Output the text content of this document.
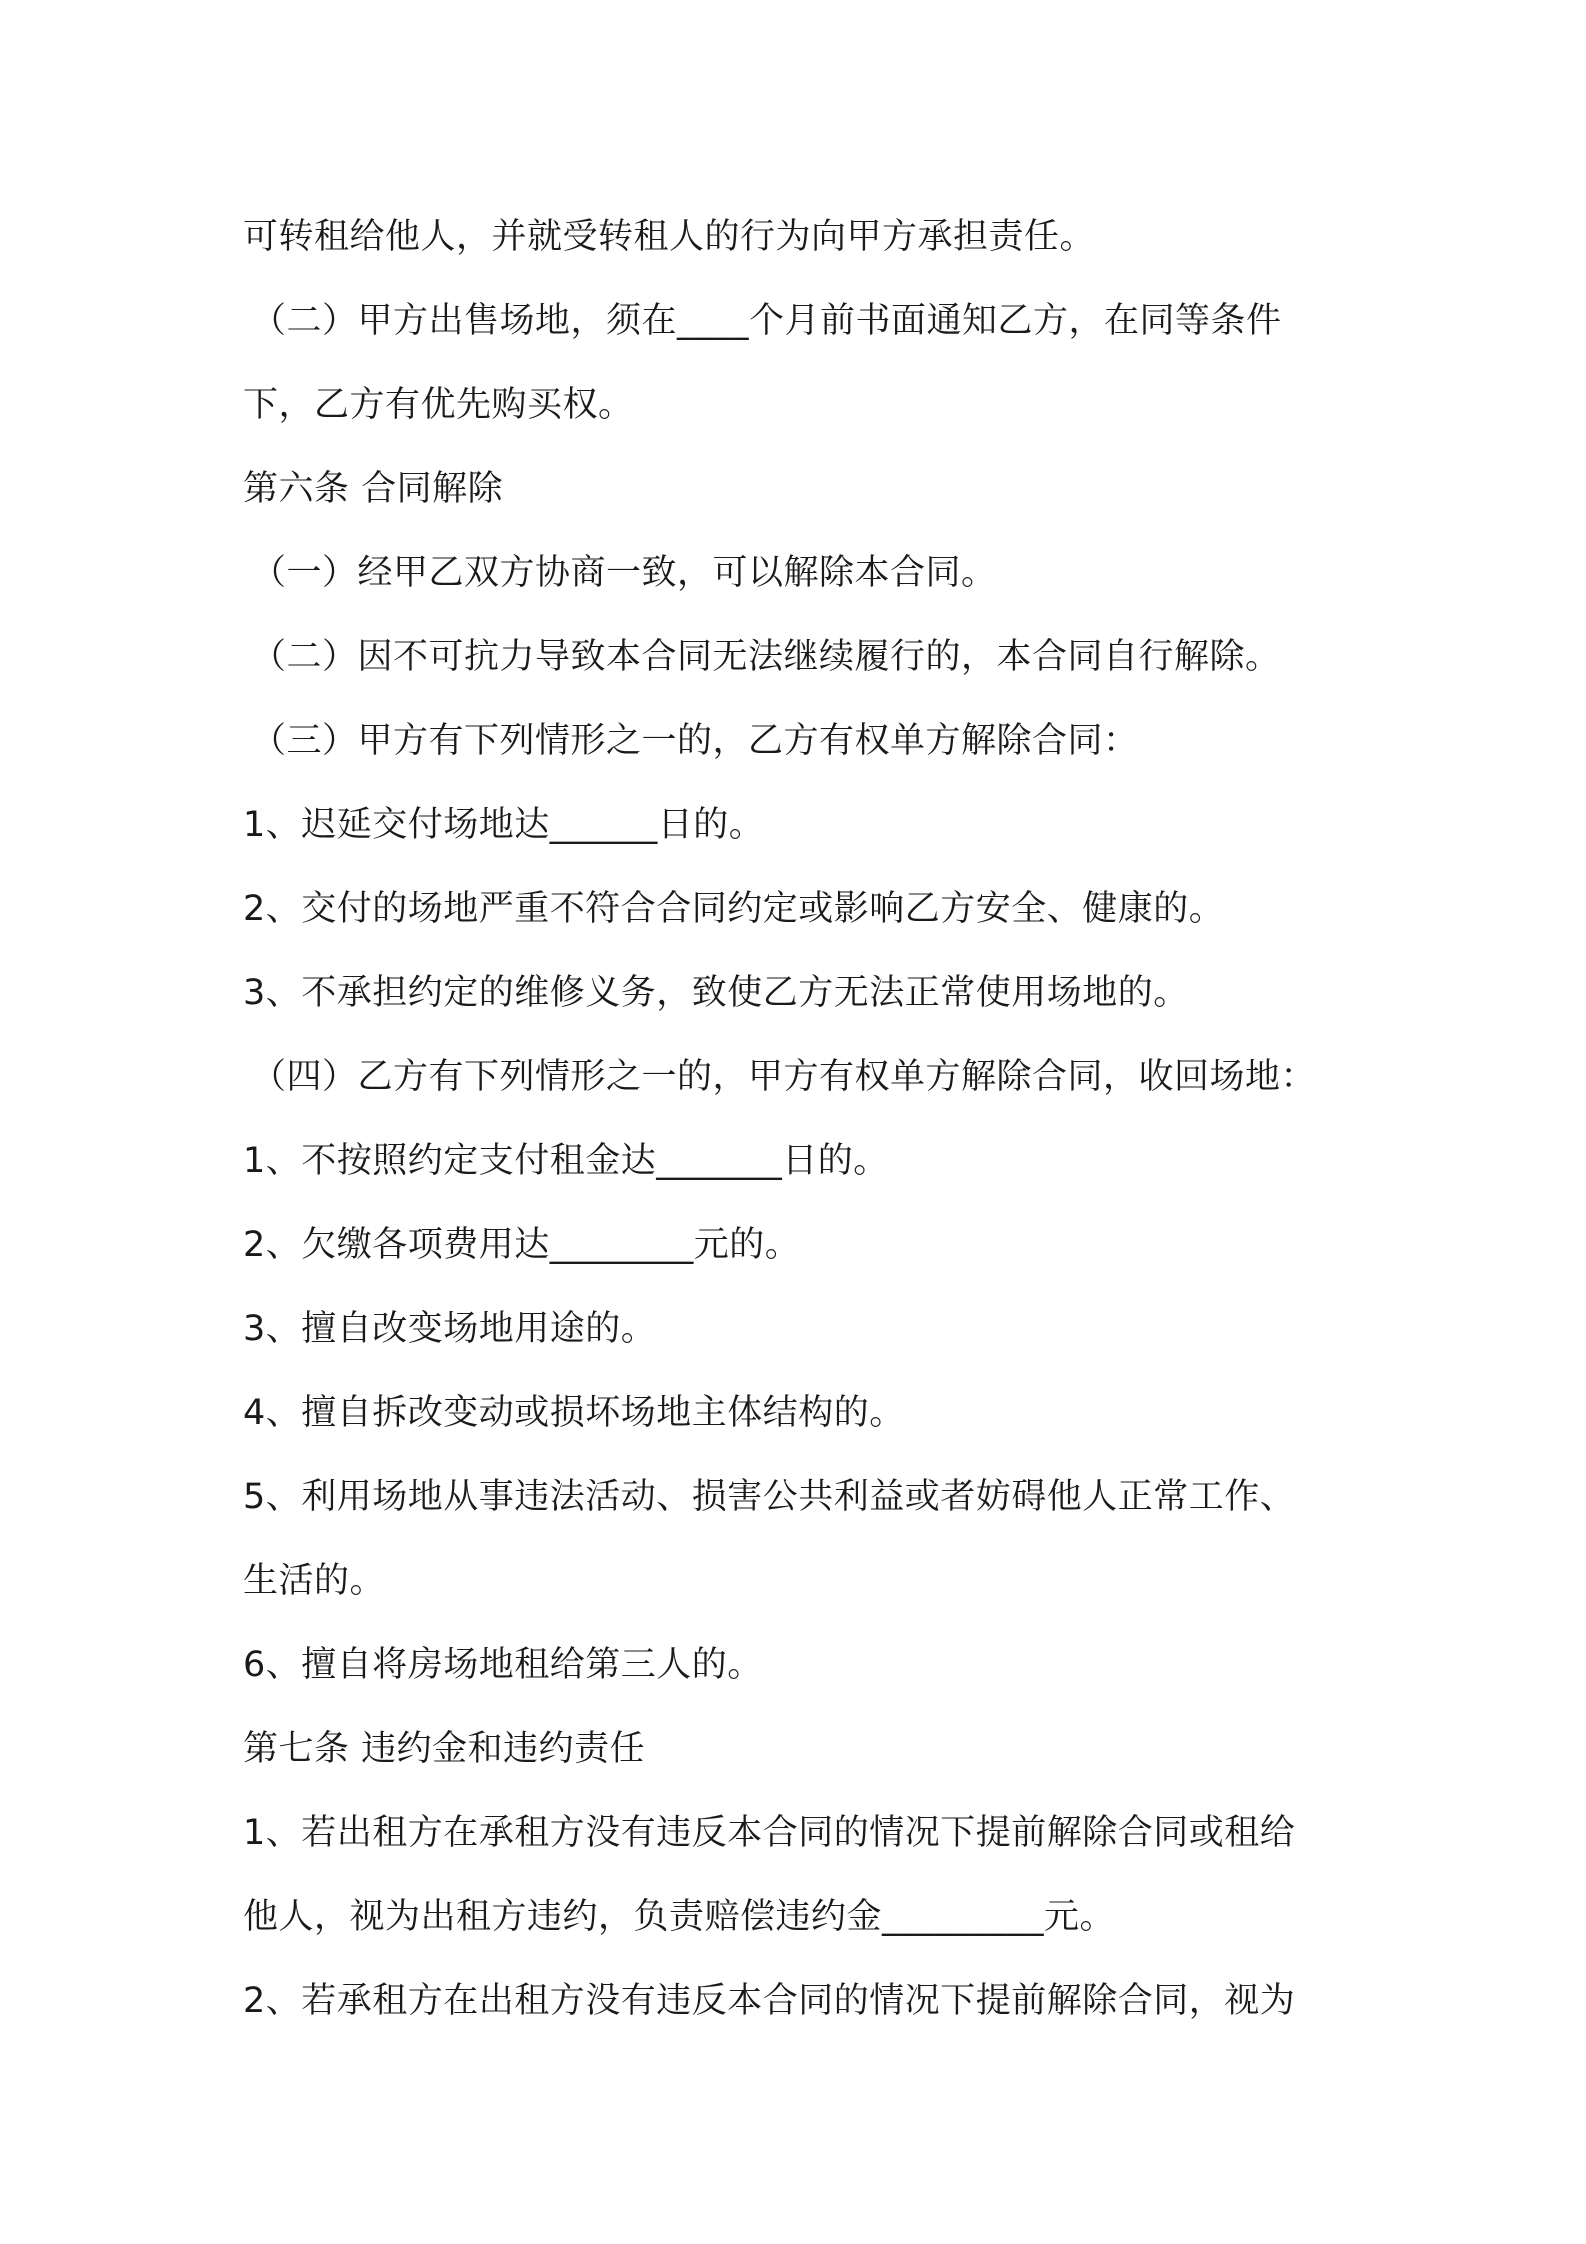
可转租给他人，并就受转租人的行为向甲方承担责任。
（二）甲方出售场地，须在____个月前书面通知乙方，在同等条件
下，乙方有优先购买权。
第六条 合同解除
（一）经甲乙双方协商一致，可以解除本合同。
（二）因不可抗力导致本合同无法继续履行的，本合同自行解除。
（三）甲方有下列情形之一的，乙方有权单方解除合同：
1、迟延交付场地达______日的。
2、交付的场地严重不符合合同约定或影响乙方安全、健康的。
3、不承担约定的维修义务，致使乙方无法正常使用场地的。
（四）乙方有下列情形之一的，甲方有权单方解除合同，收回场地：
1、不按照约定支付租金达_______日的。
2、欠缴各项费用达________元的。
3、擅自改变场地用途的。
4、擅自拆改变动或损坏场地主体结构的。
5、利用场地从事违法活动、损害公共利益或者妨碍他人正常工作、
生活的。
6、擅自将房场地租给第三人的。
第七条 违约金和违约责任
1、若出租方在承租方没有违反本合同的情况下提前解除合同或租给
他人，视为出租方违约，负责赔偿违约金_________元。
2、若承租方在出租方没有违反本合同的情况下提前解除合同，视为
